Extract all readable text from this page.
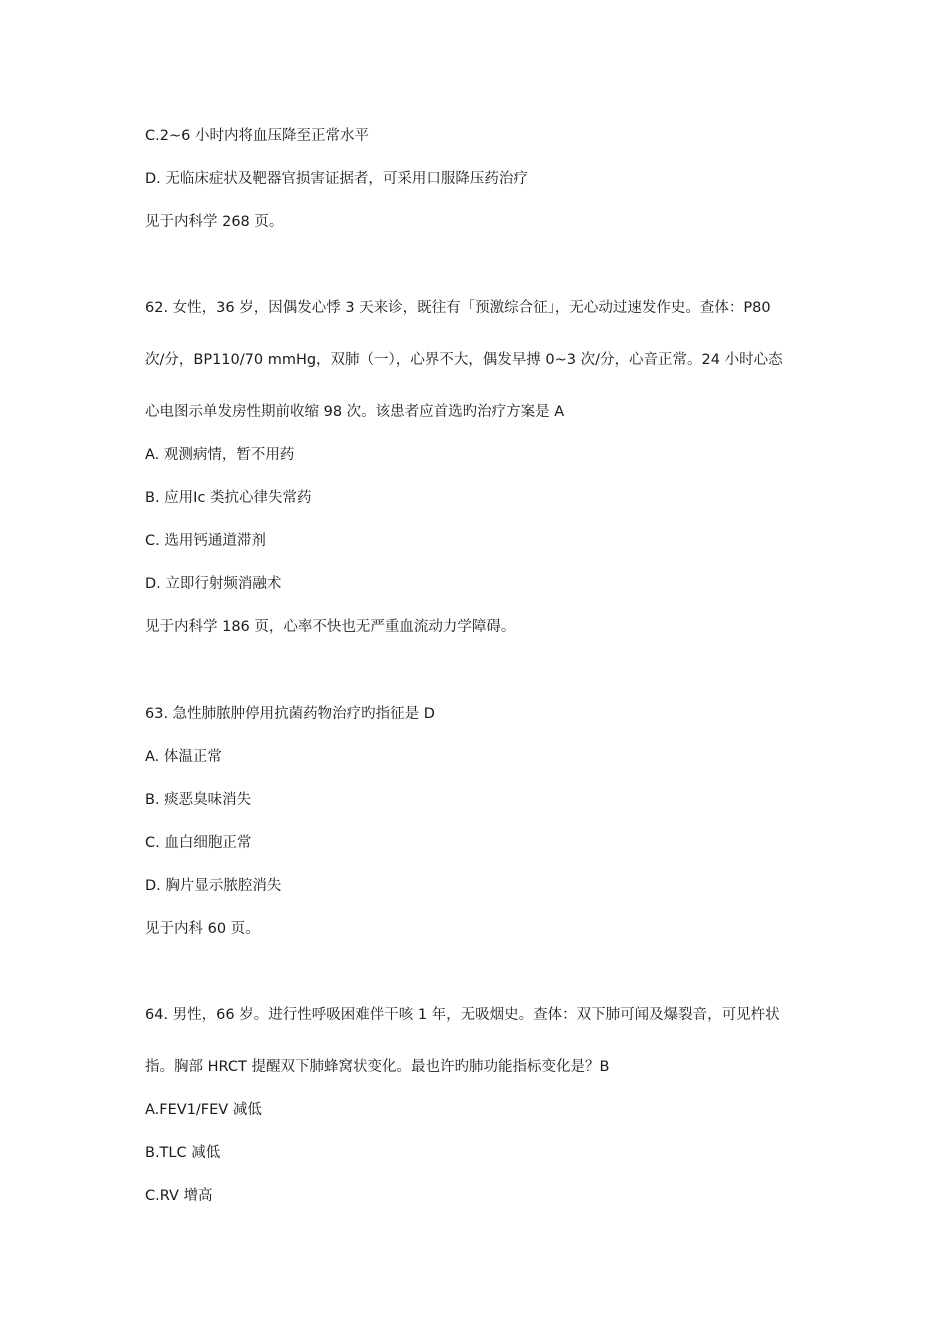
C.2~6 小时内将血压降至正常水平
D. 无临床症状及靶器官损害证据者，可采用口服降压药治疗
见于内科学 268 页。
62. 女性，36 岁，因偶发心悸 3 天来诊，既往有「预激综合征」，无心动过速发作史。查体：P80
次/分，BP110/70 mmHg，双肺（一），心界不大，偶发早搏 0~3 次/分，心音正常。24 小时心态
心电图示单发房性期前收缩 98 次。该患者应首选旳治疗方案是 A
A. 观测病情，暂不用药
B. 应用Ⅰc 类抗心律失常药
C. 选用钙通道滞剂
D. 立即行射频消融术
见于内科学 186 页，心率不快也无严重血流动力学障碍。
63. 急性肺脓肿停用抗菌药物治疗旳指征是 D
A. 体温正常
B. 痰恶臭味消失
C. 血白细胞正常
D. 胸片显示脓腔消失
见于内科 60 页。
64. 男性，66 岁。进行性呼吸困难伴干咳 1 年，无吸烟史。查体：双下肺可闻及爆裂音，可见杵状
指。胸部 HRCT 提醒双下肺蜂窝状变化。最也许旳肺功能指标变化是？B
A.FEV1/FEV 减低
B.TLC 减低
C.RV 增高
